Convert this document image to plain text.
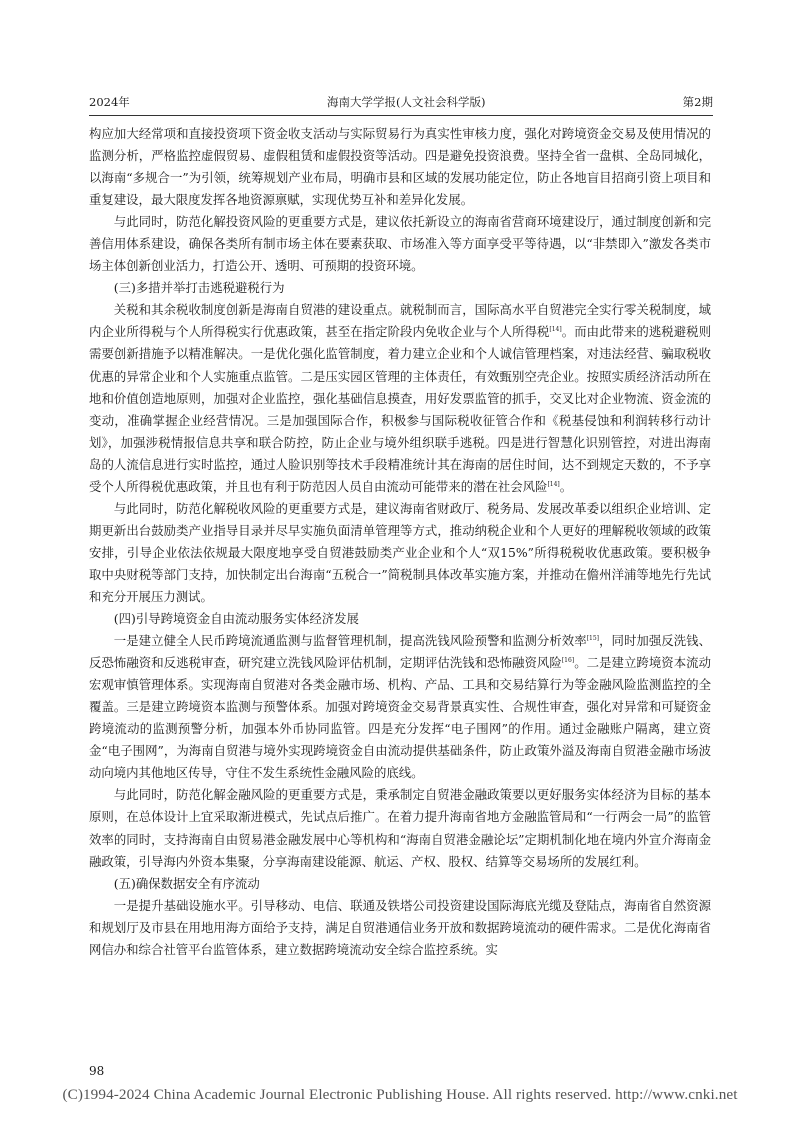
2024年	海南大学学报(人文社会科学版)	第2期

构应加大经常项和直接投资项下资金收支活动与实际贸易行为真实性审核力度，强化对跨境资金交易及使用情况的监测分析，严格监控虚假贸易、虚假租赁和虚假投资等活动。四是避免投资浪费。坚持全省一盘棋、全岛同城化，以海南“多规合一”为引领，统筹规划产业布局，明确市县和区域的发展功能定位，防止各地盲目招商引资上项目和重复建设，最大限度发挥各地资源禀赋，实现优势互补和差异化发展。

与此同时，防范化解投资风险的更重要方式是，建议依托新设立的海南省营商环境建设厅，通过制度创新和完善信用体系建设，确保各类所有制市场主体在要素获取、市场准入等方面享受平等待遇，以“非禁即入”激发各类市场主体创新创业活力，打造公开、透明、可预期的投资环境。

(三)多措并举打击逃税避税行为

关税和其余税收制度创新是海南自贸港的建设重点。就税制而言，国际高水平自贸港完全实行零关税制度，域内企业所得税与个人所得税实行优惠政策，甚至在指定阶段内免收企业与个人所得税[14]。而由此带来的逃税避税则需要创新措施予以精准解决。一是优化强化监管制度，着力建立企业和个人诚信管理档案，对违法经营、骗取税收优惠的异常企业和个人实施重点监管。二是压实园区管理的主体责任，有效甄别空壳企业。按照实质经济活动所在地和价值创造地原则，加强对企业监控，强化基础信息摸查，用好发票监管的抓手，交叉比对企业物流、资金流的变动，准确掌握企业经营情况。三是加强国际合作，积极参与国际税收征管合作和《税基侵蚀和利润转移行动计划》，加强涉税情报信息共享和联合防控，防止企业与境外组织联手逃税。四是进行智慧化识别管控，对进出海南岛的人流信息进行实时监控，通过人脸识别等技术手段精准统计其在海南的居住时间，达不到规定天数的，不予享受个人所得税优惠政策，并且也有利于防范因人员自由流动可能带来的潜在社会风险[14]。

与此同时，防范化解税收风险的更重要方式是，建议海南省财政厅、税务局、发展改革委以组织企业培训、定期更新出台鼓励类产业指导目录并尽早实施负面清单管理等方式，推动纳税企业和个人更好的理解税收领域的政策安排，引导企业依法依规最大限度地享受自贸港鼓励类产业企业和个人“双15%”所得税税收优惠政策。要积极争取中央财税等部门支持，加快制定出台海南“五税合一”简税制具体改革实施方案，并推动在儋州洋浦等地先行先试和充分开展压力测试。

(四)引导跨境资金自由流动服务实体经济发展

一是建立健全人民币跨境流通监测与监督管理机制，提高洗钱风险预警和监测分析效率[15]，同时加强反洗钱、反恐怖融资和反逃税审查，研究建立洗钱风险评估机制，定期评估洗钱和恐怖融资风险[16]。二是建立跨境资本流动宏观审慎管理体系。实现海南自贸港对各类金融市场、机构、产品、工具和交易结算行为等金融风险监测监控的全覆盖。三是建立跨境资本监测与预警体系。加强对跨境资金交易背景真实性、合规性审查，强化对异常和可疑资金跨境流动的监测预警分析，加强本外币协同监管。四是充分发挥“电子围网”的作用。通过金融账户隔离，建立资金“电子围网”，为海南自贸港与境外实现跨境资金自由流动提供基础条件，防止政策外溢及海南自贸港金融市场波动向境内其他地区传导，守住不发生系统性金融风险的底线。

与此同时，防范化解金融风险的更重要方式是，秉承制定自贸港金融政策要以更好服务实体经济为目标的基本原则，在总体设计上宜采取渐进模式，先试点后推广。在着力提升海南省地方金融监管局和“一行两会一局”的监管效率的同时，支持海南自由贸易港金融发展中心等机构和“海南自贸港金融论坛”定期机制化地在境内外宣介海南金融政策，引导海内外资本集聚，分享海南建设能源、航运、产权、股权、结算等交易场所的发展红利。

(五)确保数据安全有序流动

一是提升基础设施水平。引导移动、电信、联通及铁塔公司投资建设国际海底光缆及登陆点，海南省自然资源和规划厅及市县在用地用海方面给予支持，满足自贸港通信业务开放和数据跨境流动的硬件需求。二是优化海南省网信办和综合社管平台监管体系，建立数据跨境流动安全综合监控系统。实

98
(C)1994-2024 China Academic Journal Electronic Publishing House. All rights reserved. http://www.cnki.net
